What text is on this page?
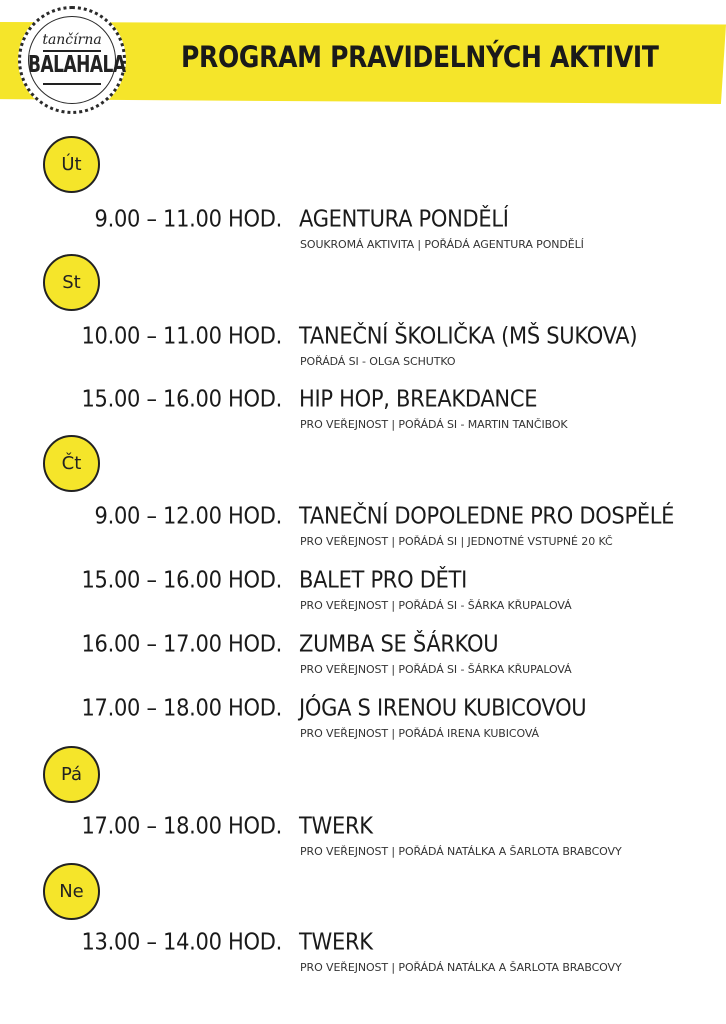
tančírna
BALAHALA PROGRAM PRAVIDELNÝCH AKTIVIT
Út
9.00 – 11.00 HOD. AGENTURA PONDĚLÍ
SOUKROMÁ AKTIVITA | POŘÁDÁ AGENTURA PONDĚLÍ
St
10.00 – 11.00 HOD. TANEČNÍ ŠKOLIČKA (MŠ SUKOVA)
POŘÁDÁ SI - OLGA SCHUTKO
15.00 – 16.00 HOD. HIP HOP, BREAKDANCE
PRO VEŘEJNOST | POŘÁDÁ SI - MARTIN TANČIBOK
Čt
9.00 – 12.00 HOD. TANEČNÍ DOPOLEDNE PRO DOSPĚLÉ
PRO VEŘEJNOST | POŘÁDÁ SI | JEDNOTNÉ VSTUPNÉ 20 KČ
15.00 – 16.00 HOD. BALET PRO DĚTI
PRO VEŘEJNOST | POŘÁDÁ SI - ŠÁRKA KŘUPALOVÁ
16.00 – 17.00 HOD. ZUMBA SE ŠÁRKOU
PRO VEŘEJNOST | POŘÁDÁ SI - ŠÁRKA KŘUPALOVÁ
17.00 – 18.00 HOD. JÓGA S IRENOU KUBICOVOU
PRO VEŘEJNOST | POŘÁDÁ IRENA KUBICOVÁ
Pá
17.00 – 18.00 HOD. TWERK
PRO VEŘEJNOST | POŘÁDÁ NATÁLKA A ŠARLOTA BRABCOVY
Ne
13.00 – 14.00 HOD. TWERK
PRO VEŘEJNOST | POŘÁDÁ NATÁLKA A ŠARLOTA BRABCOVY
